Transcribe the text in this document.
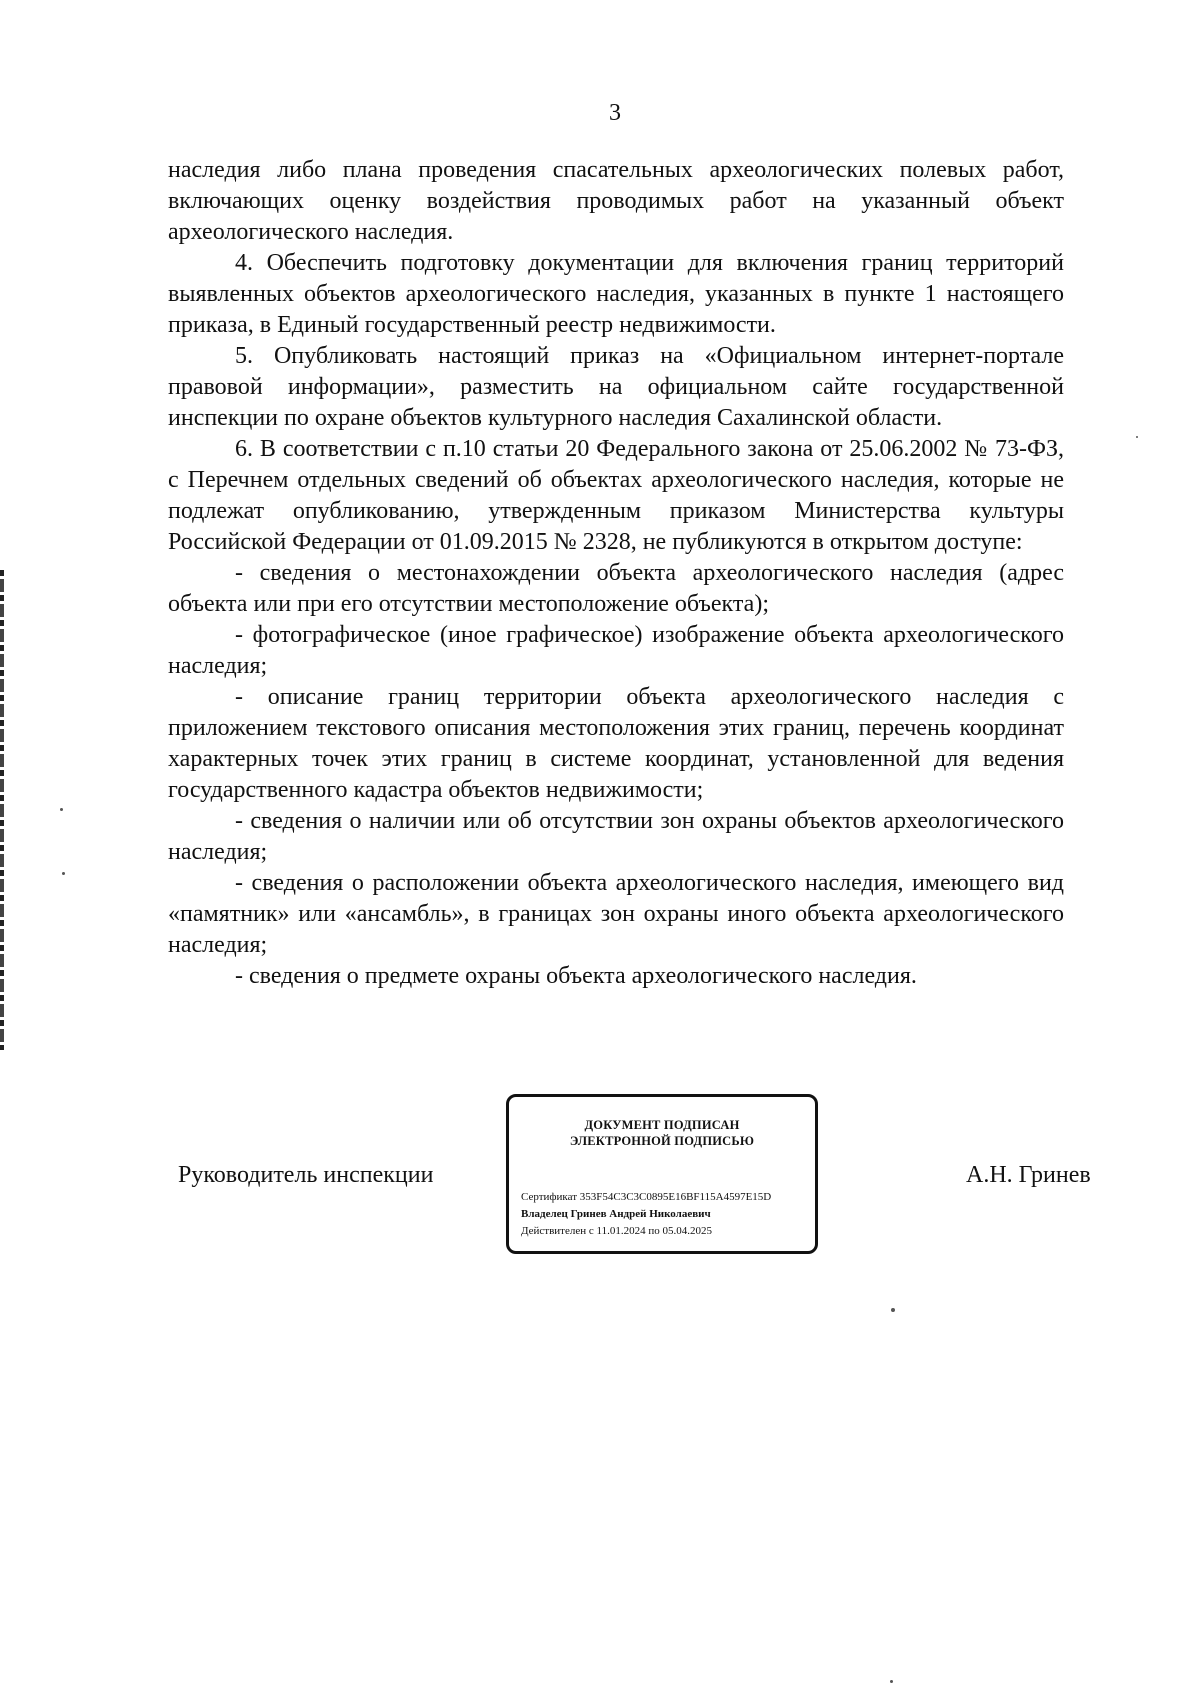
3

наследия либо плана проведения спасательных археологических полевых работ, включающих оценку воздействия проводимых работ на указанный объект археологического наследия.

4. Обеспечить подготовку документации для включения границ территорий выявленных объектов археологического наследия, указанных в пункте 1 настоящего приказа, в Единый государственный реестр недвижимости.

5. Опубликовать настоящий приказ на «Официальном интернет-портале правовой информации», разместить на официальном сайте государственной инспекции по охране объектов культурного наследия Сахалинской области.

6. В соответствии с п.10 статьи 20 Федерального закона от 25.06.2002 № 73-ФЗ, с Перечнем отдельных сведений об объектах археологического наследия, которые не подлежат опубликованию, утвержденным приказом Министерства культуры Российской Федерации от 01.09.2015 № 2328, не публикуются в открытом доступе:

- сведения о местонахождении объекта археологического наследия (адрес объекта или при его отсутствии местоположение объекта);

- фотографическое (иное графическое) изображение объекта археологического наследия;

- описание границ территории объекта археологического наследия с приложением текстового описания местоположения этих границ, перечень координат характерных точек этих границ в системе координат, установленной для ведения государственного кадастра объектов недвижимости;

- сведения о наличии или об отсутствии зон охраны объектов археологического наследия;

- сведения о расположении объекта археологического наследия, имеющего вид «памятник» или «ансамбль», в границах зон охраны иного объекта археологического наследия;

- сведения о предмете охраны объекта археологического наследия.

Руководитель инспекции
ДОКУМЕНТ ПОДПИСАН
ЭЛЕКТРОННОЙ ПОДПИСЬЮ
Сертификат 353F54C3C3C0895E16BF115A4597E15D
Владелец Гринев Андрей Николаевич
Действителен с 11.01.2024 по 05.04.2025
А.Н. Гринев
